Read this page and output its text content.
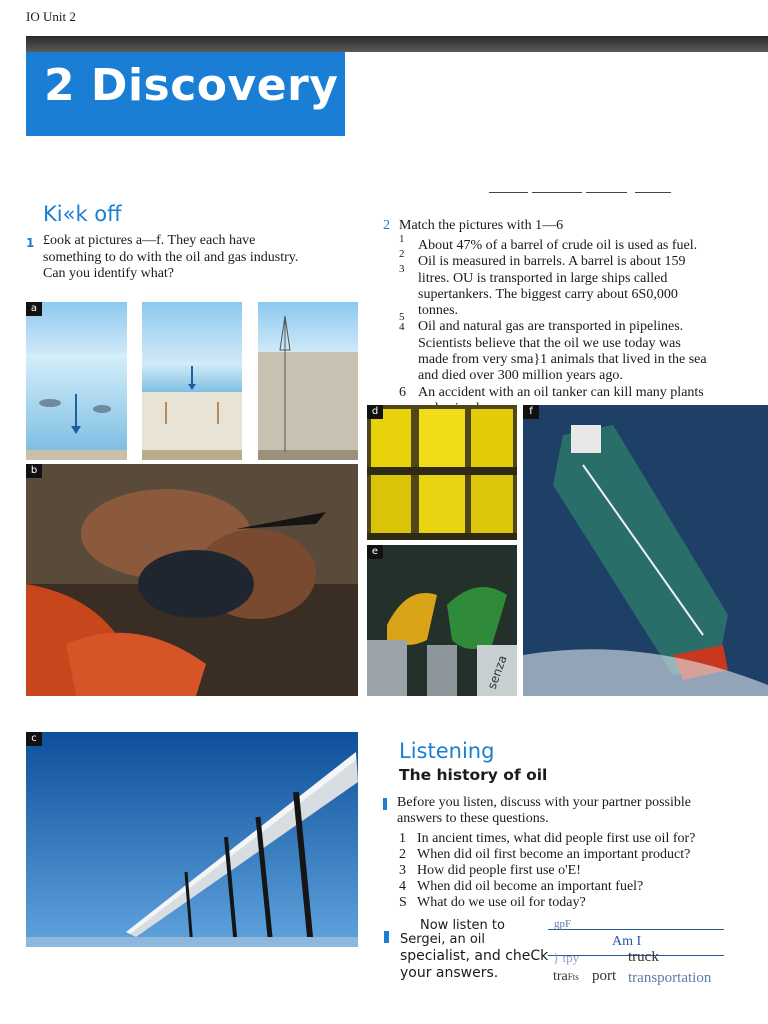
IO Unit 2
2 Discovery
Ki«k off
1 £ook at pictures a—f. They each have
something to do with the oil and gas industry.
Can you identify what?
2 Match the pictures with 1—6
1
2
3
About 47% of a barrel of crude oil is used as fuel.
Oil is measured in barrels. A barrel is about 159
litres. OU is transported in large ships called
supertankers. The biggest carry about 6S0,000
tonnes.
5
4 Oil and natural gas are transported in pipelines.
Scientists believe that the oil we use today was
made from very sma}1 animals that lived in the sea
and died over 300 million years ago.
6 An accident with an oil tanker can kill many plants
a
b
d
senza
e
f
c
Listening
The history of oil
Before you listen, discuss with your partner possible
answers to these questions.
1 In ancient times, what did people first use oil for?
2 When did oil first become an important product?
3 How did people first use o'E!
4 When did oil become an important fuel?
S What do we use oil for today?
Now listen to
Sergei, an oil
specialist, and cheCk
your answers.
gpF
Am I
} tpy	truck
traFts port transportation
